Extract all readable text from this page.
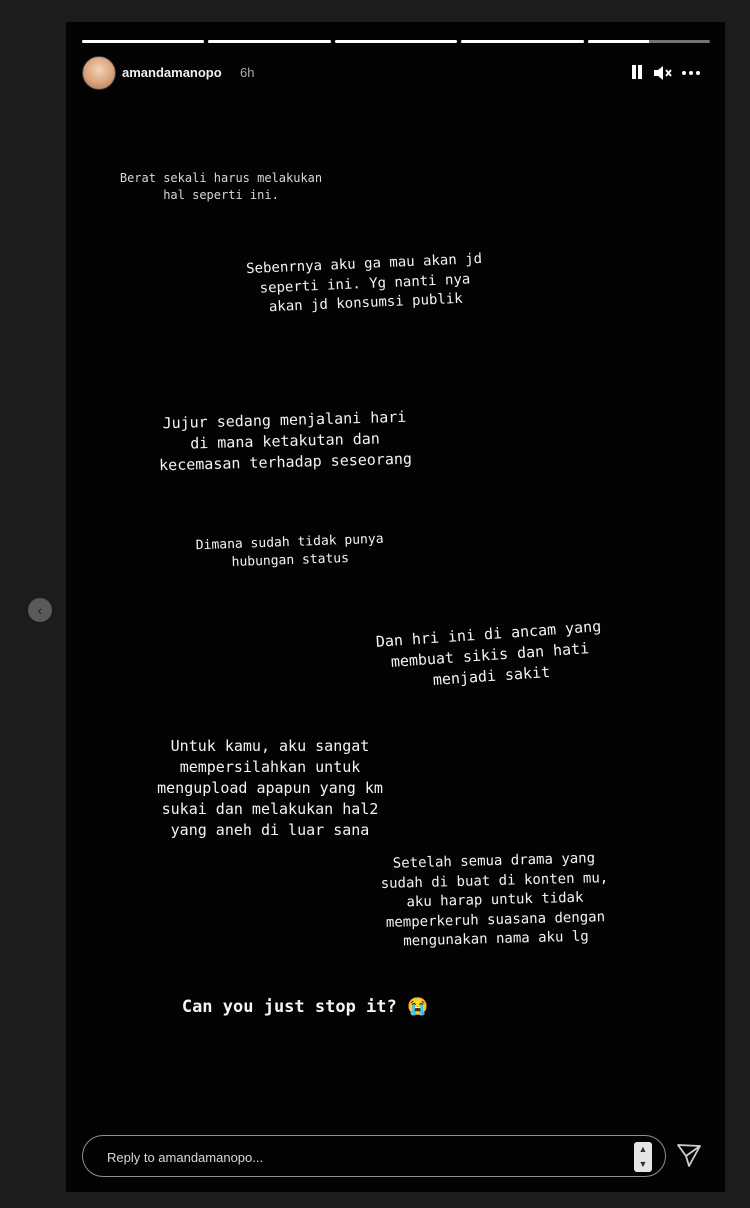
amandamanopo 6h
Berat sekali harus melakukan
hal seperti ini.
Sebenrnya aku ga mau akan jd
seperti ini. Yg nanti nya
akan jd konsumsi publik
Jujur sedang menjalani hari
di mana ketakutan dan
kecemasan terhadap seseorang
Dimana sudah tidak punya
hubungan status
Dan hri ini di ancam yang
membuat sikis dan hati
menjadi sakit
Untuk kamu, aku sangat
mempersilahkan untuk
mengupload apapun yang km
sukai dan melakukan hal2
yang aneh di luar sana
Setelah semua drama yang
sudah di buat di konten mu,
aku harap untuk tidak
memperkeruh suasana dengan
mengunakan nama aku lg
Can you just stop it? 😭
‹
Reply to amandamanopo...
▲
▼
